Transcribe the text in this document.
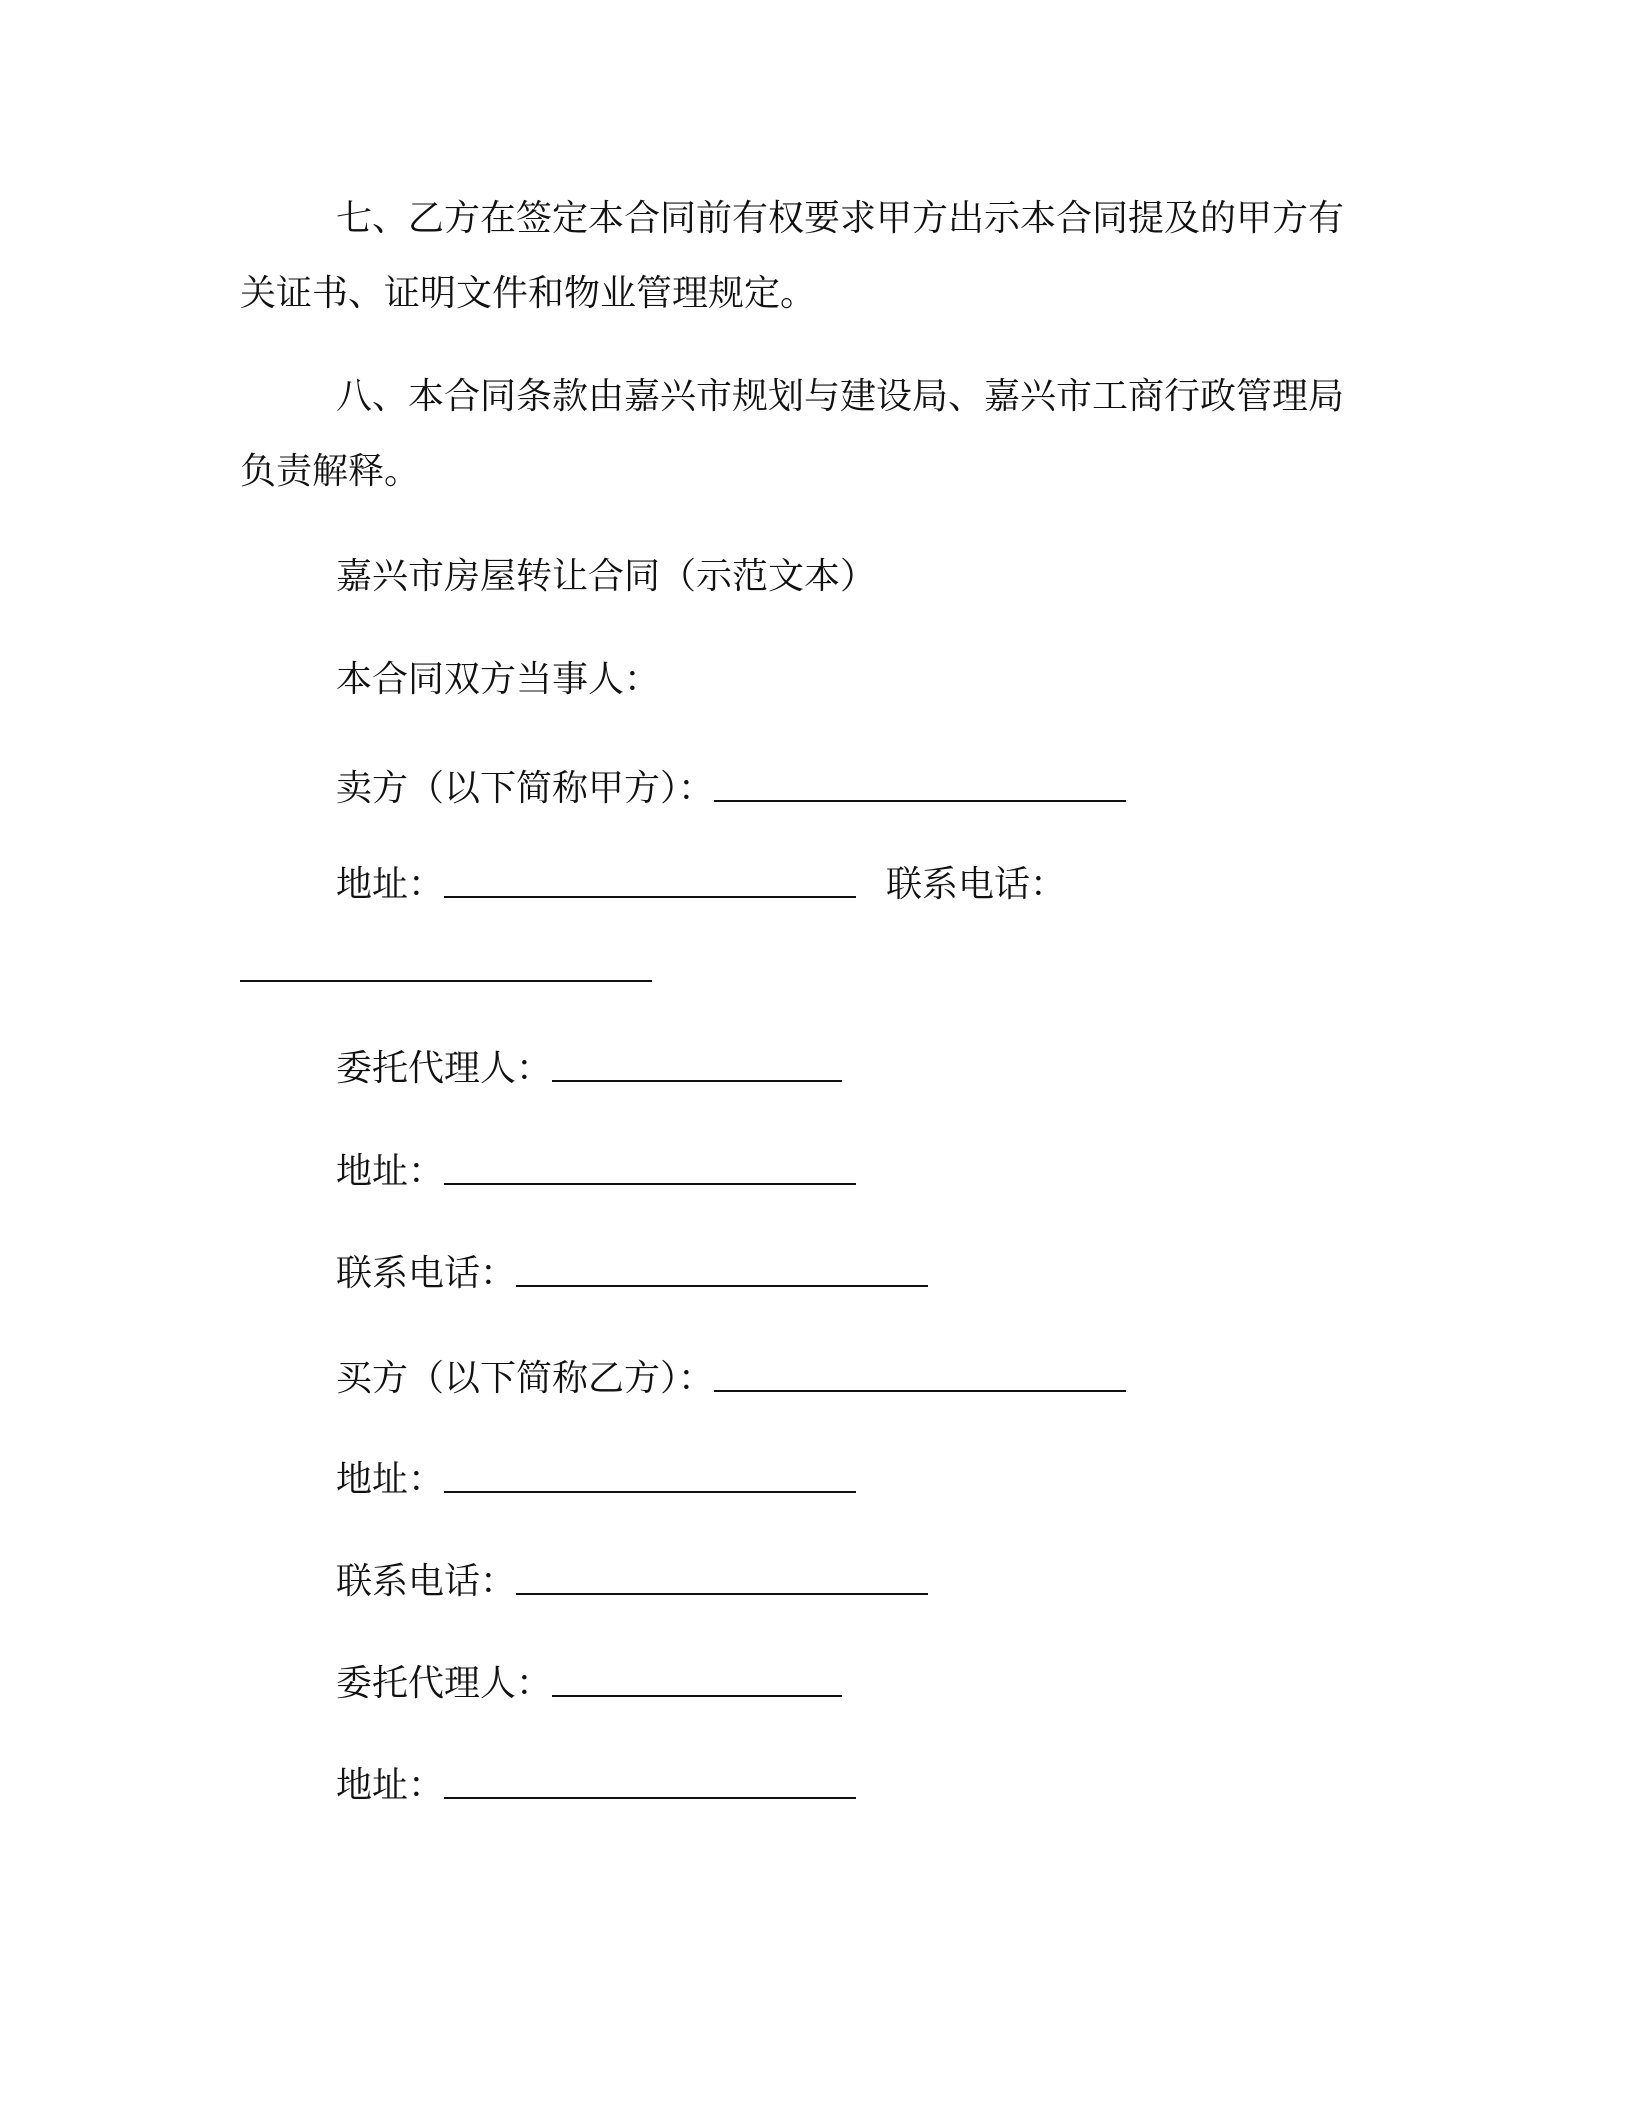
七、乙方在签定本合同前有权要求甲方出示本合同提及的甲方有
关证书、证明文件和物业管理规定。
八、本合同条款由嘉兴市规划与建设局、嘉兴市工商行政管理局
负责解释。
嘉兴市房屋转让合同（示范文本）
本合同双方当事人：
卖方（以下简称甲方）：
地址：	联系电话：
委托代理人：
地址：
联系电话：
买方（以下简称乙方）：
地址：
联系电话：
委托代理人：
地址：
